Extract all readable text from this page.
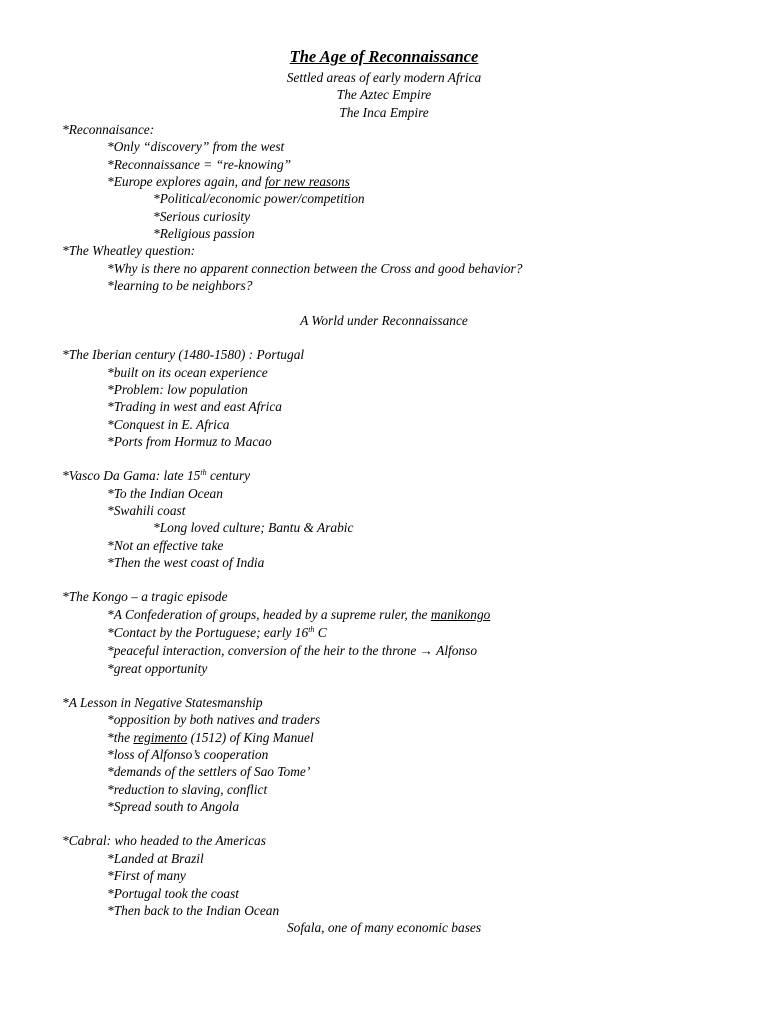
The Age of Reconnaissance
Settled areas of early modern Africa
The Aztec Empire
The Inca Empire
*Reconnaisance:
*Only “discovery” from the west
*Reconnaissance = “re-knowing”
*Europe explores again, and for new reasons
*Political/economic power/competition
*Serious curiosity
*Religious passion
*The Wheatley question:
*Why is there no apparent connection between the Cross and good behavior?
*learning to be neighbors?
A World under Reconnaissance
*The Iberian century (1480-1580) : Portugal
*built on its ocean experience
*Problem: low population
*Trading in west and east Africa
*Conquest in E. Africa
*Ports from Hormuz to Macao
*Vasco Da Gama: late 15th century
*To the Indian Ocean
*Swahili coast
*Long loved culture; Bantu & Arabic
*Not an effective take
*Then the west coast of India
*The Kongo – a tragic episode
*A Confederation of groups, headed by a supreme ruler, the manikongo
*Contact by the Portuguese; early 16th C
*peaceful interaction, conversion of the heir to the throne → Alfonso
*great opportunity
*A Lesson in Negative Statesmanship
*opposition by both natives and traders
*the regimento (1512) of King Manuel
*loss of Alfonso’s cooperation
*demands of the settlers of Sao Tome’
*reduction to slaving, conflict
*Spread south to Angola
*Cabral: who headed to the Americas
*Landed at Brazil
*First of many
*Portugal took the coast
*Then back to the Indian Ocean
Sofala, one of many economic bases
